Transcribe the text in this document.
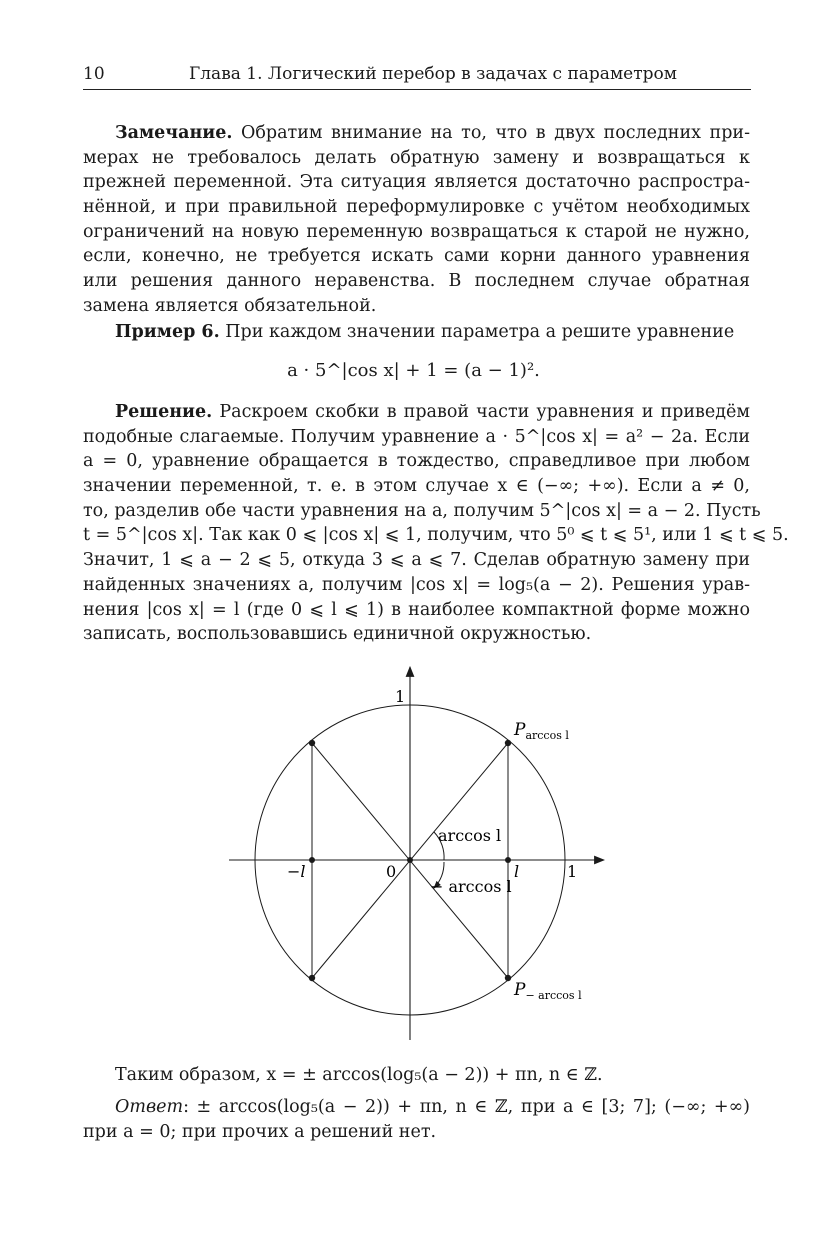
10	Глава 1. Логический перебор в задачах с параметром
Замечание. Обратим внимание на то, что в двух последних при-
мерах не требовалось делать обратную замену и возвращаться к
прежней переменной. Эта ситуация является достаточно распростра-
нённой, и при правильной переформулировке с учётом необходимых
ограничений на новую переменную возвращаться к старой не нужно,
если, конечно, не требуется искать сами корни данного уравнения
или решения данного неравенства. В последнем случае обратная
замена является обязательной.
Пример 6. При каждом значении параметра a решите уравнение
a · 5^|cos x| + 1 = (a − 1)².
Решение. Раскроем скобки в правой части уравнения и приведём
подобные слагаемые. Получим уравнение a · 5^|cos x| = a² − 2a. Если
a = 0, уравнение обращается в тождество, справедливое при любом
значении переменной, т. е. в этом случае x ∈ (−∞; +∞). Если a ≠ 0,
то, разделив обе части уравнения на a, получим 5^|cos x| = a − 2. Пусть
t = 5^|cos x|. Так как 0 ⩽ |cos x| ⩽ 1, получим, что 5⁰ ⩽ t ⩽ 5¹, или 1 ⩽ t ⩽ 5.
Значит, 1 ⩽ a − 2 ⩽ 5, откуда 3 ⩽ a ⩽ 7. Сделав обратную замену при
найденных значениях a, получим |cos x| = log₅(a − 2). Решения урав-
нения |cos x| = l (где 0 ⩽ l ⩽ 1) в наиболее компактной форме можно
записать, воспользовавшись единичной окружностью.
1
$P_{arccos l}$
arccos l
−l	0	l	1
− arccos l
$P_{- arccos l}$
Таким образом, x = ± arccos(log₅(a − 2)) + πn, n ∈ ℤ.
Ответ: ± arccos(log₅(a − 2)) + πn, n ∈ ℤ, при a ∈ [3; 7]; (−∞; +∞)
при a = 0; при прочих a решений нет.
